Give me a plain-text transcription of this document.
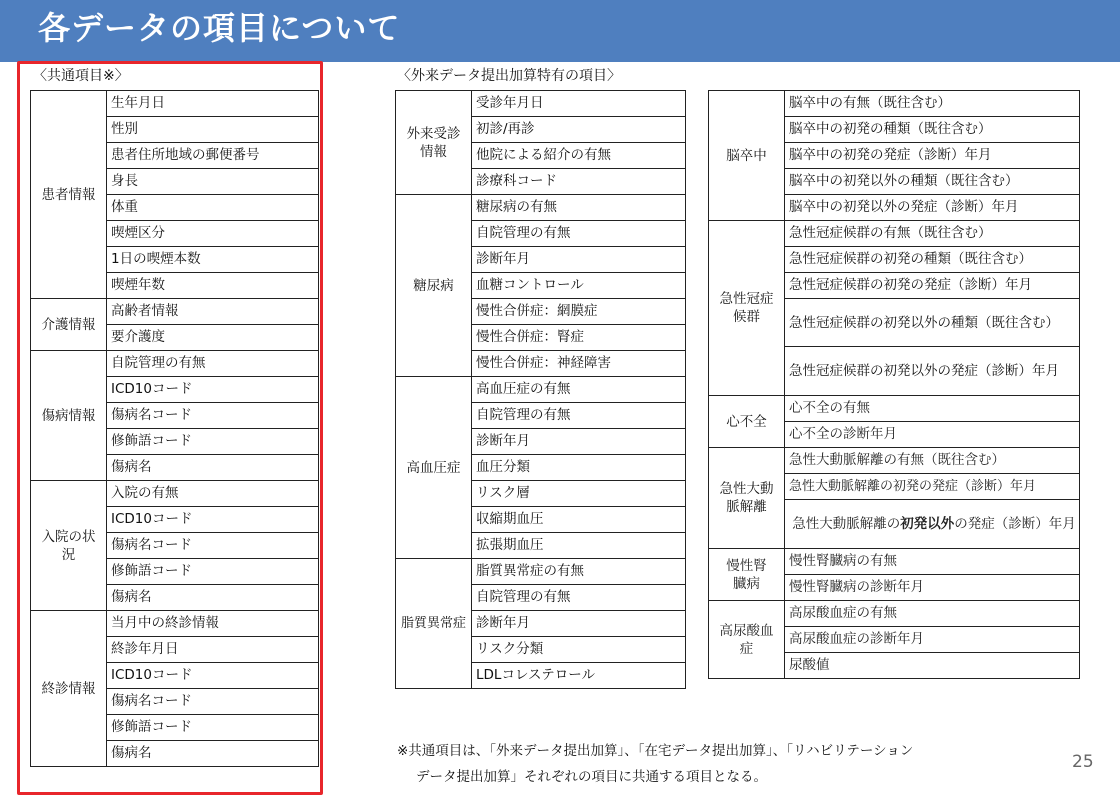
各データの項目について
〈共通項目※〉
患者情報	生年月日
	性別
	患者住所地域の郵便番号
	身長
	体重
	喫煙区分
	1日の喫煙本数
	喫煙年数
介護情報	高齢者情報
	要介護度
傷病情報	自院管理の有無
	ICD10コード
	傷病名コード
	修飾語コード
	傷病名
入院の状況	入院の有無
	ICD10コード
	傷病名コード
	修飾語コード
	傷病名
終診情報	当月中の終診情報
	終診年月日
	ICD10コード
	傷病名コード
	修飾語コード
	傷病名
〈外来データ提出加算特有の項目〉
外来受診情報	受診年月日
	初診/再診
	他院による紹介の有無
	診療科コード
糖尿病	糖尿病の有無
	自院管理の有無
	診断年月
	血糖コントロール
	慢性合併症：網膜症
	慢性合併症：腎症
	慢性合併症：神経障害
高血圧症	高血圧症の有無
	自院管理の有無
	診断年月
	血圧分類
	リスク層
	収縮期血圧
	拡張期血圧
脂質異常症	脂質異常症の有無
	自院管理の有無
	診断年月
	リスク分類
	LDLコレステロール
脳卒中	脳卒中の有無（既往含む）
	脳卒中の初発の種類（既往含む）
	脳卒中の初発の発症（診断）年月
	脳卒中の初発以外の種類（既往含む）
	脳卒中の初発以外の発症（診断）年月
急性冠症候群	急性冠症候群の有無（既往含む）
	急性冠症候群の初発の種類（既往含む）
	急性冠症候群の初発の発症（診断）年月
	急性冠症候群の初発以外の種類（既往含む）
	急性冠症候群の初発以外の発症（診断）年月
心不全	心不全の有無
	心不全の診断年月
急性大動脈解離	急性大動脈解離の有無（既往含む）
	急性大動脈解離の初発の発症（診断）年月
	急性大動脈解離の初発以外の発症（診断）年月
慢性腎臓病	慢性腎臓病の有無
	慢性腎臓病の診断年月
高尿酸血症	高尿酸血症の有無
	高尿酸血症の診断年月
	尿酸値
※共通項目は、「外来データ提出加算」、「在宅データ提出加算」、「リハビリテーション
データ提出加算」それぞれの項目に共通する項目となる。
25
